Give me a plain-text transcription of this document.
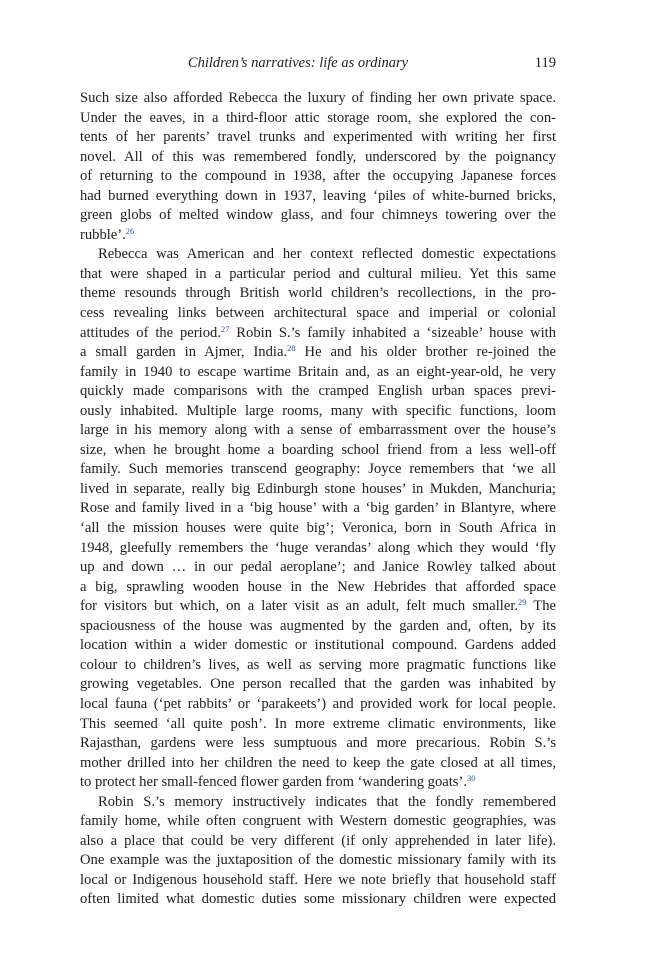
Children’s narratives: life as ordinary	119
Such size also afforded Rebecca the luxury of finding her own private space.
Under the eaves, in a third-floor attic storage room, she explored the con-
tents of her parents’ travel trunks and experimented with writing her first
novel. All of this was remembered fondly, underscored by the poignancy
of returning to the compound in 1938, after the occupying Japanese forces
had burned everything down in 1937, leaving ‘piles of white-burned bricks,
green globs of melted window glass, and four chimneys towering over the
rubble’.$^{26}$
Rebecca was American and her context reflected domestic expectations
that were shaped in a particular period and cultural milieu. Yet this same
theme resounds through British world children’s recollections, in the pro-
cess revealing links between architectural space and imperial or colonial
attitudes of the period.$^{27}$ Robin S.’s family inhabited a ‘sizeable’ house with
a small garden in Ajmer, India.$^{28}$ He and his older brother re-joined the
family in 1940 to escape wartime Britain and, as an eight-year-old, he very
quickly made comparisons with the cramped English urban spaces previ-
ously inhabited. Multiple large rooms, many with specific functions, loom
large in his memory along with a sense of embarrassment over the house’s
size, when he brought home a boarding school friend from a less well-off
family. Such memories transcend geography: Joyce remembers that ‘we all
lived in separate, really big Edinburgh stone houses’ in Mukden, Manchuria;
Rose and family lived in a ‘big house’ with a ‘big garden’ in Blantyre, where
‘all the mission houses were quite big’; Veronica, born in South Africa in
1948, gleefully remembers the ‘huge verandas’ along which they would ‘fly
up and down … in our pedal aeroplane’; and Janice Rowley talked about
a big, sprawling wooden house in the New Hebrides that afforded space
for visitors but which, on a later visit as an adult, felt much smaller.$^{29}$ The
spaciousness of the house was augmented by the garden and, often, by its
location within a wider domestic or institutional compound. Gardens added
colour to children’s lives, as well as serving more pragmatic functions like
growing vegetables. One person recalled that the garden was inhabited by
local fauna (‘pet rabbits’ or ‘parakeets’) and provided work for local people.
This seemed ‘all quite posh’. In more extreme climatic environments, like
Rajasthan, gardens were less sumptuous and more precarious. Robin S.’s
mother drilled into her children the need to keep the gate closed at all times,
to protect her small-fenced flower garden from ‘wandering goats’.$^{30}$
Robin S.’s memory instructively indicates that the fondly remembered
family home, while often congruent with Western domestic geographies, was
also a place that could be very different (if only apprehended in later life).
One example was the juxtaposition of the domestic missionary family with its
local or Indigenous household staff. Here we note briefly that household staff
often limited what domestic duties some missionary children were expected
